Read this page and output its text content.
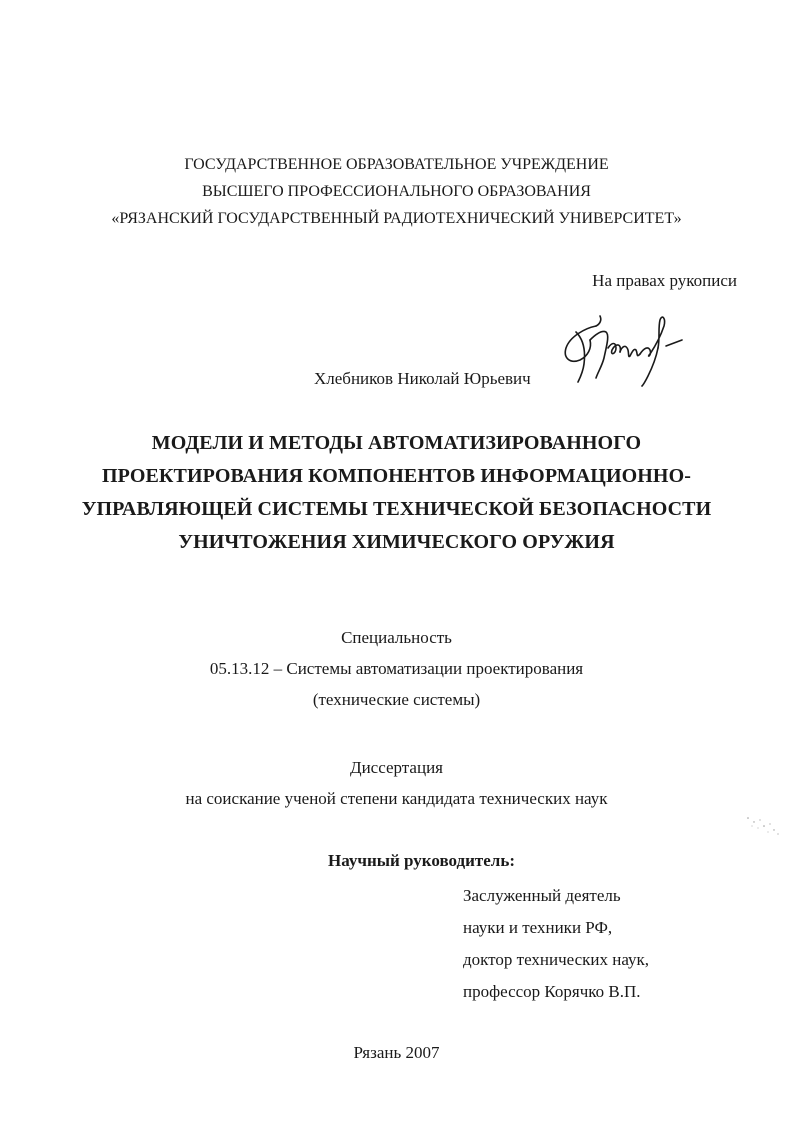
ГОСУДАРСТВЕННОЕ ОБРАЗОВАТЕЛЬНОЕ УЧРЕЖДЕНИЕ
ВЫСШЕГО ПРОФЕССИОНАЛЬНОГО ОБРАЗОВАНИЯ
«РЯЗАНСКИЙ ГОСУДАРСТВЕННЫЙ РАДИОТЕХНИЧЕСКИЙ УНИВЕРСИТЕТ»
На правах рукописи
Хлебников Николай Юрьевич
МОДЕЛИ И МЕТОДЫ АВТОМАТИЗИРОВАННОГО
ПРОЕКТИРОВАНИЯ КОМПОНЕНТОВ ИНФОРМАЦИОННО-
УПРАВЛЯЮЩЕЙ СИСТЕМЫ ТЕХНИЧЕСКОЙ БЕЗОПАСНОСТИ
УНИЧТОЖЕНИЯ ХИМИЧЕСКОГО ОРУЖИЯ
Специальность
05.13.12 – Системы автоматизации проектирования
(технические системы)
Диссертация
на соискание ученой степени кандидата технических наук
Научный руководитель:
Заслуженный деятель
науки и техники РФ,
доктор технических наук,
профессор Корячко В.П.
Рязань 2007
